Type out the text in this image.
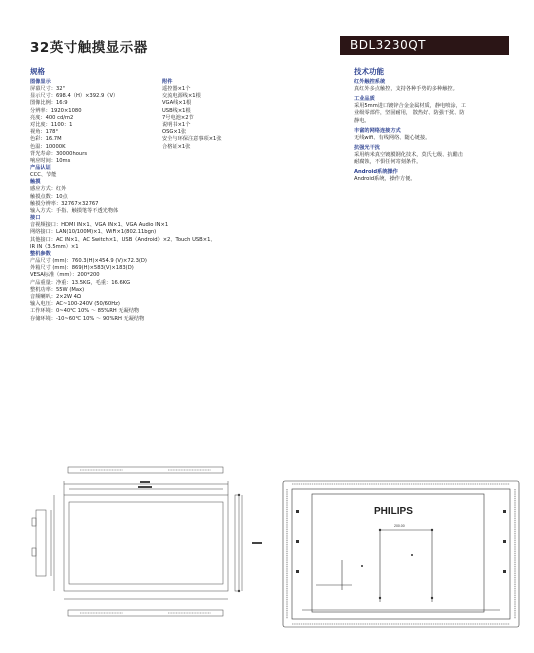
32英寸触摸显示器	BDL3230QT
规格
图像显示
屏幕尺寸：32"
显示尺寸：698.4（H）×392.9（V）
图像比例：16:9
分辨率：1920×1080
亮度：400 cd/m2
对比度：1100：1
视角：178°
色彩：16.7M
色温：10000K
背光寿命：30000hours
响应时间：10ms
产品认证
CCC、节能
触摸
感应方式：红外
触摸点数：10点
触摸分辨率：32767×32767
输入方式：手指、触摸笔等不透光物体
接口
音视频接口：HDMI IN×1、VGA IN×1、VGA Audio IN×1
网络接口：LAN(10/100M)×1、WiFi×1(802.11bgn)
其他接口：AC IN×1、AC Switch×1、USB（Android）×2、Touch USB×1、
IR IN（3.5mm）×1
整机参数
产品尺寸 (mm)：760.3(H)×454.9 (V)×72.3(D)
外箱尺寸 (mm)：869(H)×583(V)×183(D)
VESA标准（mm）：200*200
产品重量：净重：13.5KG，毛重：16.6KG
整机功率：55W (Max)
音频喇叭：2×2W 4Ω
输入电压：AC~100-240V (50/60Hz)
工作环境：0~40℃ 10% ～ 85%RH 无凝结物
存储环境：-10~60℃ 10% ～ 90%RH 无凝结物
附件
遥控器×1个
交流电源线×1根
VGA线×1根
USB线×1根
7号电池×2节
说明书×1个
OSG×1张
安全与环保注意事项×1张
合格证×1张
技术功能
红外触控系统
真红外多点触控，支持各种手势的多种触控。
工业品质
采用5mm进口镀锌合金金属材质，静电喷涂，工
业级零部件，坚固耐用， 散热好、防强干扰、防
静电。
丰富的网络连接方式
无线wifi、有线网络、随心链接。
抗强光干扰
采用纳米真空镀膜钢化技术，莫氏七级、抗醋击
耐腐蚀，不惧任何寄刻条件。
Android系统操作
Android系统，操作方便。
PHILIPS
200.00
